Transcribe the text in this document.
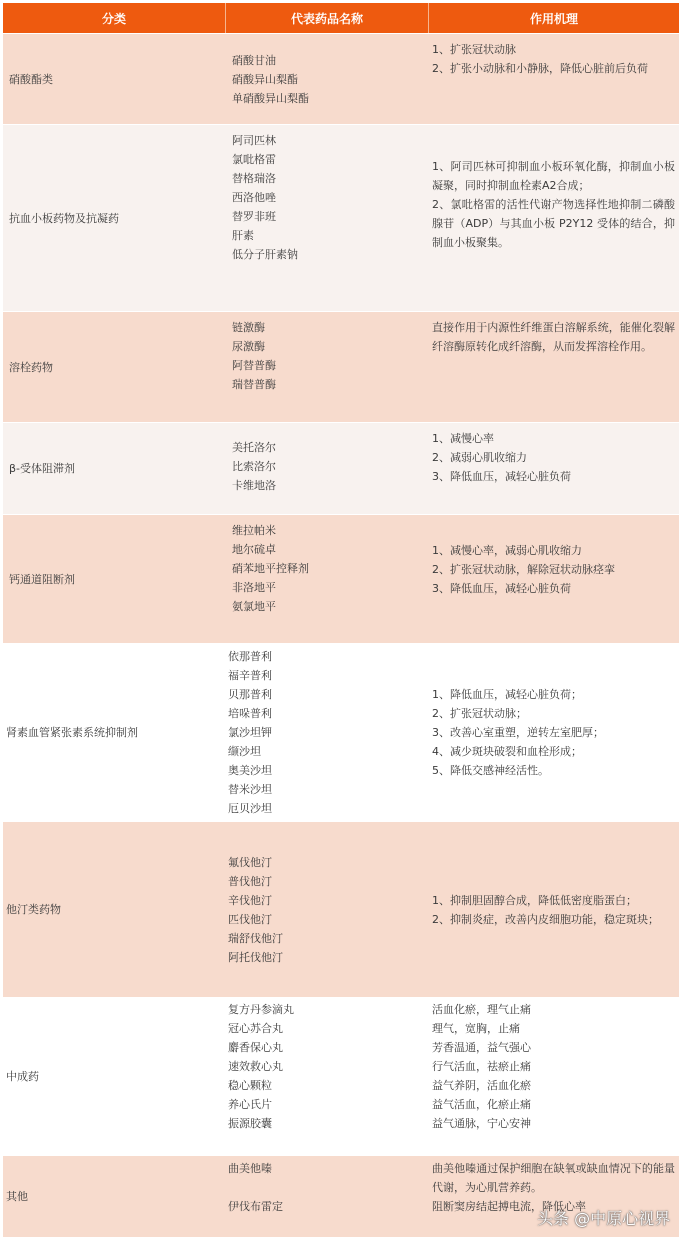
分类	代表药品名称	作用机理
硝酸酯类
硝酸甘油
硝酸异山梨酯
单硝酸异山梨酯
1、扩张冠状动脉
2、扩张小动脉和小静脉，降低心脏前后负荷
抗血小板药物及抗凝药
阿司匹林
氯吡格雷
替格瑞洛
西洛他唑
替罗非班
肝素
低分子肝素钠
1、阿司匹林可抑制血小板环氧化酶，抑制血小板凝聚，同时抑制血栓素A2合成；
2、氯吡格雷的活性代谢产物选择性地抑制二磷酸腺苷（ADP）与其血小板 P2Y12 受体的结合，抑制血小板聚集。
溶栓药物
链激酶
尿激酶
阿替普酶
瑞替普酶
直接作用于内源性纤维蛋白溶解系统，能催化裂解纤溶酶原转化成纤溶酶，从而发挥溶栓作用。
β-受体阻滞剂
美托洛尔
比索洛尔
卡维地洛
1、减慢心率
2、减弱心肌收缩力
3、降低血压，减轻心脏负荷
钙通道阻断剂
维拉帕米
地尔硫卓
硝苯地平控释剂
非洛地平
氨氯地平
1、减慢心率，减弱心肌收缩力
2、扩张冠状动脉，解除冠状动脉痉挛
3、降低血压，减轻心脏负荷
肾素血管紧张素系统抑制剂
依那普利
福辛普利
贝那普利
培哚普利
氯沙坦钾
缬沙坦
奥美沙坦
替米沙坦
厄贝沙坦
1、降低血压，减轻心脏负荷；
2、扩张冠状动脉；
3、改善心室重塑，逆转左室肥厚；
4、减少斑块破裂和血栓形成；
5、降低交感神经活性。
他汀类药物
氟伐他汀
普伐他汀
辛伐他汀
匹伐他汀
瑞舒伐他汀
阿托伐他汀
1、抑制胆固醇合成，降低低密度脂蛋白；
2、抑制炎症，改善内皮细胞功能，稳定斑块；
中成药
复方丹参滴丸
冠心苏合丸
麝香保心丸
速效救心丸
稳心颗粒
养心氏片
振源胶囊
活血化瘀，理气止痛
理气，宽胸，止痛
芳香温通，益气强心
行气活血，祛瘀止痛
益气养阴，活血化瘀
益气活血，化瘀止痛
益气通脉，宁心安神
其他
曲美他嗪
伊伐布雷定
曲美他嗪通过保护细胞在缺氧或缺血情况下的能量代谢，为心肌营养药。
阻断窦房结起搏电流，降低心率
头条 @中原心视界
